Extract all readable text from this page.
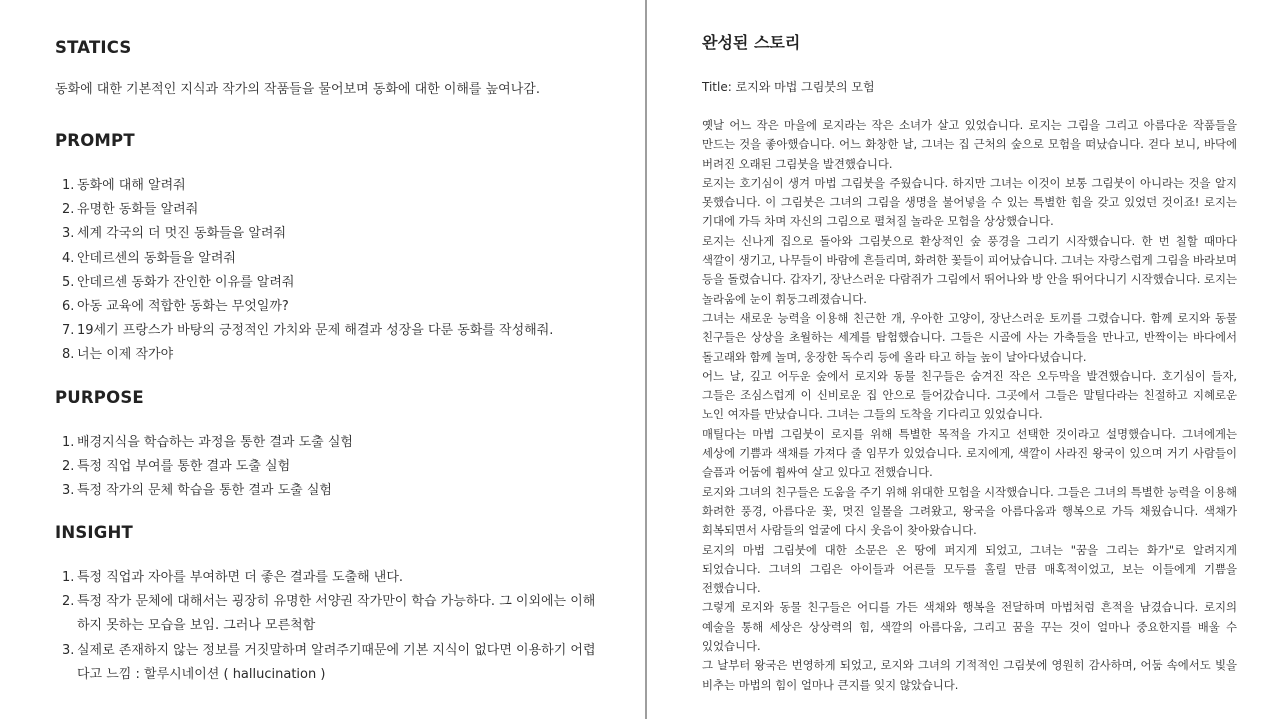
STATICS

동화에 대한 기본적인 지식과 작가의 작품들을 물어보며 동화에 대한 이해를 높여나감.

PROMPT
1. 동화에 대해 알려줘
2. 유명한 동화들 알려줘
3. 세계 각국의 더 멋진 동화들을 알려줘
4. 안데르센의 동화들을 알려줘
5. 안데르센 동화가 잔인한 이유를 알려줘
6. 아동 교육에 적합한 동화는 무엇일까?
7. 19세기 프랑스가 바탕의 긍정적인 가치와 문제 해결과 성장을 다룬 동화를 작성해줘.
8. 너는 이제 작가야
PURPOSE
1. 배경지식을 학습하는 과정을 통한 결과 도출 실험
2. 특정 직업 부여를 통한 결과 도출 실험
3. 특정 작가의 문체 학습을 통한 결과 도출 실험
INSIGHT
1. 특정 직업과 자아를 부여하면 더 좋은 결과를 도출해 낸다.
2. 특정 작가 문체에 대해서는 굉장히 유명한 서양권 작가만이 학습 가능하다. 그 이외에는 이해하지 못하는 모습을 보임. 그러나 모른척함
3. 실제로 존재하지 않는 정보를 거짓말하며 알려주기때문에 기본 지식이 없다면 이용하기 어렵다고 느낌 : 할루시네이션 ( hallucination )
완성된 스토리

Title: 로지와 마법 그림붓의 모험

옛날 어느 작은 마을에 로지라는 작은 소녀가 살고 있었습니다. 로지는 그림을 그리고 아름다운 작품들을 만드는 것을 좋아했습니다. 어느 화창한 날, 그녀는 집 근처의 숲으로 모험을 떠났습니다. 걷다 보니, 바닥에 버려진 오래된 그림붓을 발견했습니다.

로지는 호기심이 생겨 마법 그림붓을 주웠습니다. 하지만 그녀는 이것이 보통 그림붓이 아니라는 것을 알지 못했습니다. 이 그림붓은 그녀의 그림을 생명을 불어넣을 수 있는 특별한 힘을 갖고 있었던 것이죠! 로지는 기대에 가득 차며 자신의 그림으로 펼쳐질 놀라운 모험을 상상했습니다.

로지는 신나게 집으로 돌아와 그림붓으로 환상적인 숲 풍경을 그리기 시작했습니다. 한 번 칠할 때마다 색깔이 생기고, 나무들이 바람에 흔들리며, 화려한 꽃들이 피어났습니다. 그녀는 자랑스럽게 그림을 바라보며 등을 돌렸습니다. 갑자기, 장난스러운 다람쥐가 그림에서 뛰어나와 방 안을 뛰어다니기 시작했습니다. 로지는 놀라움에 눈이 휘둥그레졌습니다.

그녀는 새로운 능력을 이용해 친근한 개, 우아한 고양이, 장난스러운 토끼를 그렸습니다. 함께 로지와 동물 친구들은 상상을 초월하는 세계를 탐험했습니다. 그들은 시골에 사는 가축들을 만나고, 반짝이는 바다에서 돌고래와 함께 놀며, 웅장한 독수리 등에 올라 타고 하늘 높이 날아다녔습니다.

어느 날, 깊고 어두운 숲에서 로지와 동물 친구들은 숨겨진 작은 오두막을 발견했습니다. 호기심이 들자, 그들은 조심스럽게 이 신비로운 집 안으로 들어갔습니다. 그곳에서 그들은 말틸다라는 친절하고 지혜로운 노인 여자를 만났습니다. 그녀는 그들의 도착을 기다리고 있었습니다.

매틸다는 마법 그림붓이 로지를 위해 특별한 목적을 가지고 선택한 것이라고 설명했습니다. 그녀에게는 세상에 기쁨과 색채를 가져다 줄 임무가 있었습니다. 로지에게, 색깔이 사라진 왕국이 있으며 거기 사람들이 슬픔과 어둠에 휩싸여 살고 있다고 전했습니다.

로지와 그녀의 친구들은 도움을 주기 위해 위대한 모험을 시작했습니다. 그들은 그녀의 특별한 능력을 이용해 화려한 풍경, 아름다운 꽃, 멋진 일몰을 그려왔고, 왕국을 아름다움과 행복으로 가득 채웠습니다. 색채가 회복되면서 사람들의 얼굴에 다시 웃음이 찾아왔습니다.

로지의 마법 그림붓에 대한 소문은 온 땅에 퍼지게 되었고, 그녀는 "꿈을 그리는 화가"로 알려지게 되었습니다. 그녀의 그림은 아이들과 어른들 모두를 홀릴 만큼 매혹적이었고, 보는 이들에게 기쁨을 전했습니다.

그렇게 로지와 동물 친구들은 어디를 가든 색채와 행복을 전달하며 마법처럼 흔적을 남겼습니다. 로지의 예술을 통해 세상은 상상력의 힘, 색깔의 아름다움, 그리고 꿈을 꾸는 것이 얼마나 중요한지를 배울 수 있었습니다.

그 날부터 왕국은 번영하게 되었고, 로지와 그녀의 기적적인 그림붓에 영원히 감사하며, 어둠 속에서도 빛을 비추는 마법의 힘이 얼마나 큰지를 잊지 않았습니다.
